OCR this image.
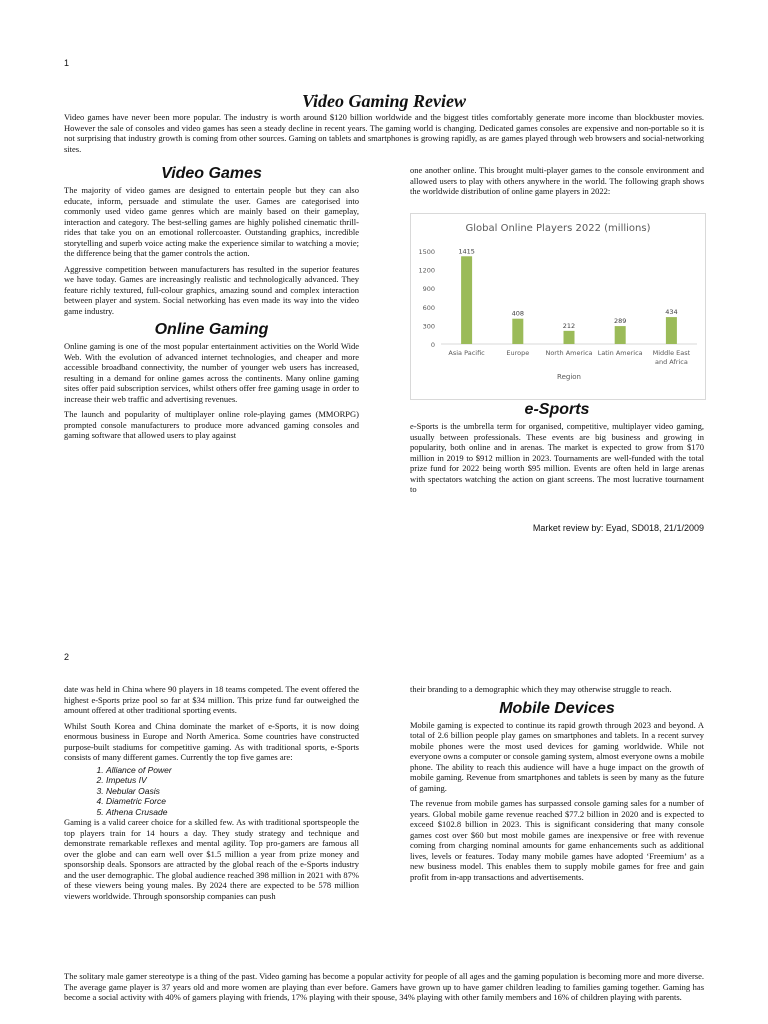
1
Video Gaming Review

Video games have never been more popular. The industry is worth around $120 billion worldwide and the biggest titles comfortably generate more income than blockbuster movies. However the sale of consoles and video games has seen a steady decline in recent years. The gaming world is changing. Dedicated games consoles are expensive and non-portable so it is not surprising that industry growth is coming from other sources. Gaming on tablets and smartphones is growing rapidly, as are games played through web browsers and social-networking sites.

Video Games

The majority of video games are designed to entertain people but they can also educate, inform, persuade and stimulate the user. Games are categorised into commonly used video game genres which are mainly based on their gameplay, interaction and category. The best-selling games are highly polished cinematic thrill-rides that take you on an emotional rollercoaster. Outstanding graphics, incredible storytelling and superb voice acting make the experience similar to watching a movie; the difference being that the gamer controls the action.

Aggressive competition between manufacturers has resulted in the superior features we have today. Games are increasingly realistic and technologically advanced. They feature richly textured, full-colour graphics, amazing sound and complex interaction between player and system. Social networking has even made its way into the video game industry.

Online Gaming

Online gaming is one of the most popular entertainment activities on the World Wide Web. With the evolution of advanced internet technologies, and cheaper and more accessible broadband connectivity, the number of younger web users has increased, resulting in a demand for online games across the continents. Many online gaming sites offer paid subscription services, whilst others offer free gaming usage in order to increase their web traffic and advertising revenues.

The launch and popularity of multiplayer online role-playing games (MMORPG) prompted console manufacturers to produce more advanced gaming consoles and gaming software that allowed users to play against

one another online. This brought multi-player games to the console environment and allowed users to play with others anywhere in the world. The following graph shows the worldwide distribution of online game players in 2022:

Global Online Players 2022 (millions)
0
300
600
900
1200
1500	1415
Asia Pacific
408
Europe
212
North America
289
Latin America
434
Middle East
and Africa
Region
e-Sports

e-Sports is the umbrella term for organised, competitive, multiplayer video gaming, usually between professionals. These events are big business and growing in popularity, both online and in arenas. The market is expected to grow from $170 million in 2019 to $912 million in 2023. Tournaments are well-funded with the total prize fund for 2022 being worth $95 million. Events are often held in large arenas with spectators watching the action on giant screens. The most lucrative tournament to

Market review by: Eyad, SD018, 21/1/2009
2

date was held in China where 90 players in 18 teams competed. The event offered the highest e-Sports prize pool so far at $34 million. This prize fund far outweighed the amount offered at other traditional sporting events.

Whilst South Korea and China dominate the market of e-Sports, it is now doing enormous business in Europe and North America. Some countries have constructed purpose-built stadiums for competitive gaming. As with traditional sports, e-Sports consists of many different games. Currently the top five games are:

1. Alliance of Power
2. Impetus IV
3. Nebular Oasis
4. Diametric Force
5. Athena Crusade

Gaming is a valid career choice for a skilled few. As with traditional sportspeople the top players train for 14 hours a day. They study strategy and technique and demonstrate remarkable reflexes and mental agility. Top pro-gamers are famous all over the globe and can earn well over $1.5 million a year from prize money and sponsorship deals. Sponsors are attracted by the global reach of the e-Sports industry and the user demographic. The global audience reached 398 million in 2021 with 87% of these viewers being young males. By 2024 there are expected to be 578 million viewers worldwide. Through sponsorship companies can push

their branding to a demographic which they may otherwise struggle to reach.

Mobile Devices

Mobile gaming is expected to continue its rapid growth through 2023 and beyond. A total of 2.6 billion people play games on smartphones and tablets. In a recent survey mobile phones were the most used devices for gaming worldwide. While not everyone owns a computer or console gaming system, almost everyone owns a mobile phone. The ability to reach this audience will have a huge impact on the growth of mobile gaming. Revenue from smartphones and tablets is seen by many as the future of gaming.

The revenue from mobile games has surpassed console gaming sales for a number of years. Global mobile game revenue reached $77.2 billion in 2020 and is expected to exceed $102.8 billion in 2023. This is significant considering that many console games cost over $60 but most mobile games are inexpensive or free with revenue coming from charging nominal amounts for game enhancements such as additional lives, levels or features. Today many mobile games have adopted ‘Freemium’ as a new business model. This enables them to supply mobile games for free and gain profit from in-app transactions and advertisements.

The solitary male gamer stereotype is a thing of the past. Video gaming has become a popular activity for people of all ages and the gaming population is becoming more and more diverse. The average game player is 37 years old and more women are playing than ever before. Gamers have grown up to have gamer children leading to families gaming together. Gaming has become a social activity with 40% of gamers playing with friends, 17% playing with their spouse, 34% playing with other family members and 16% of children playing with parents.
